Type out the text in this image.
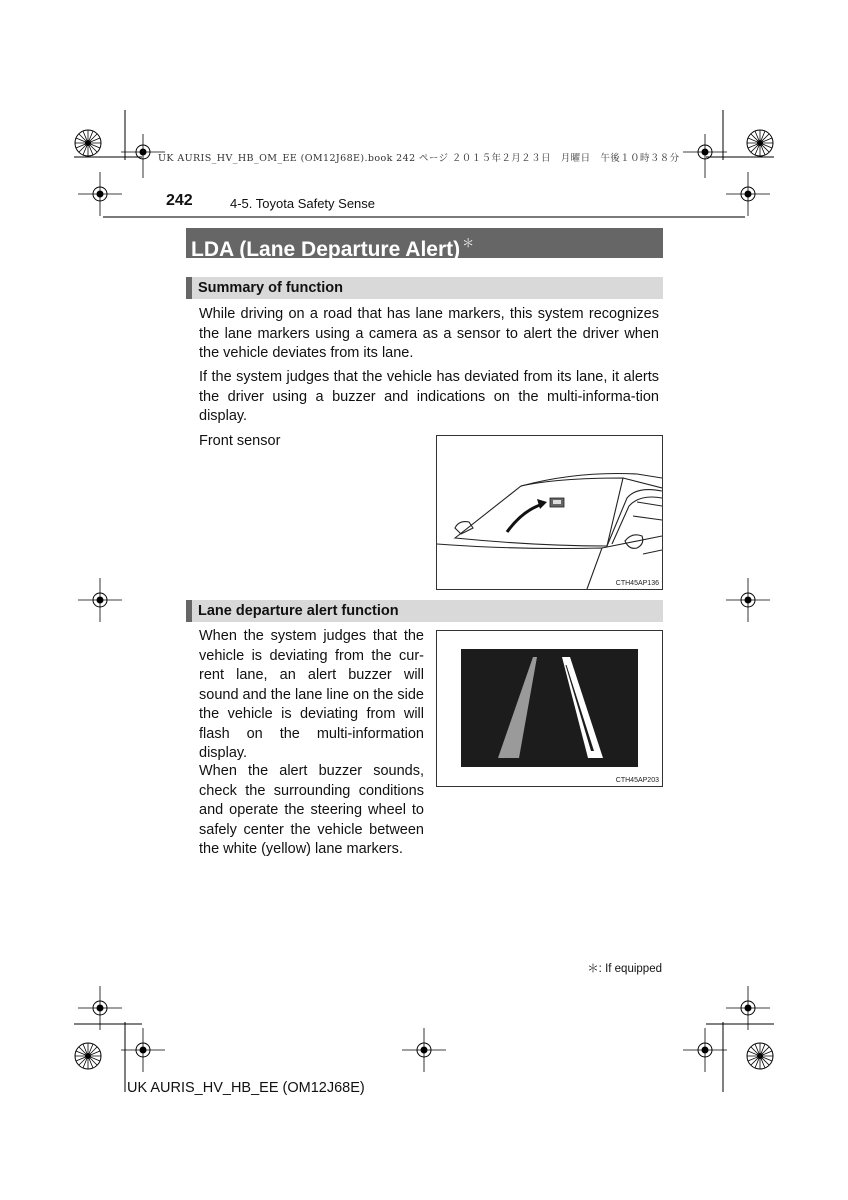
UK AURIS_HV_HB_OM_EE (OM12J68E).book 242 ページ ２０１５年２月２３日　月曜日　午後１０時３８分
242	4-5. Toyota Safety Sense
LDA (Lane Departure Alert) ＊
Summary of function

While driving on a road that has lane markers, this system recognizes the lane markers using a camera as a sensor to alert the driver when the vehicle deviates from its lane.

If the system judges that the vehicle has deviated from its lane, it alerts the driver using a buzzer and indications on the multi-informa-tion display.

Front sensor

CTH45AP136
Lane departure alert function

When the system judges that the vehicle is deviating from the cur-rent lane, an alert buzzer will sound and the lane line on the side the vehicle is deviating from will flash on the multi-information display.

When the alert buzzer sounds, check the surrounding conditions and operate the steering wheel to safely center the vehicle between the white (yellow) lane markers.

CTH45AP203
＊: If equipped
UK AURIS_HV_HB_EE (OM12J68E)
